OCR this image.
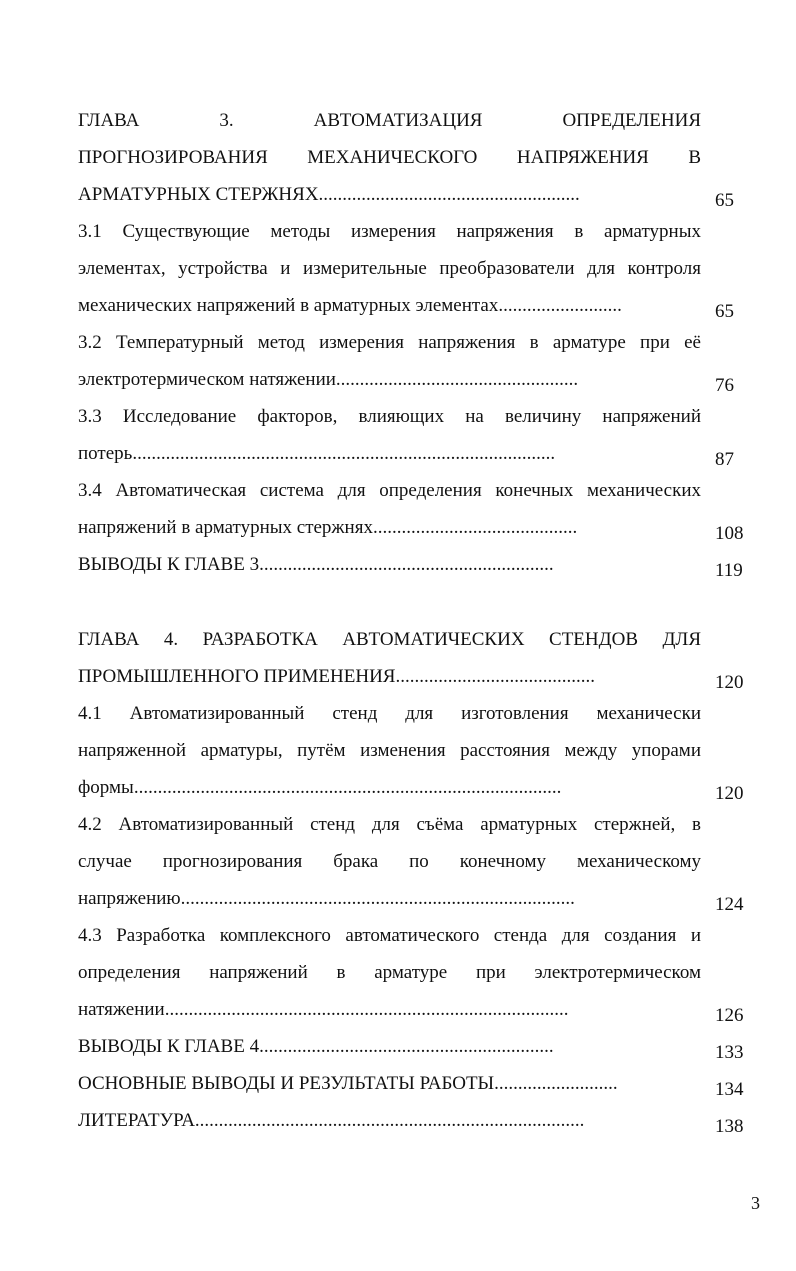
ГЛАВА 3. АВТОМАТИЗАЦИЯ ОПРЕДЕЛЕНИЯ
ПРОГНОЗИРОВАНИЯ МЕХАНИЧЕСКОГО НАПРЯЖЕНИЯ В
АРМАТУРНЫХ СТЕРЖНЯХ.......................................................	65
3.1 Существующие методы измерения напряжения в арматурных
элементах, устройства и измерительные преобразователи для контроля
механических напряжений в арматурных элементах..........................	65
3.2 Температурный метод измерения напряжения в арматуре при её
электротермическом натяжении...................................................	76
3.3 Исследование факторов, влияющих на величину напряжений
потерь.........................................................................................	87
3.4 Автоматическая система для определения конечных механических
напряжений в арматурных стержнях...........................................	108
ВЫВОДЫ К ГЛАВЕ 3..............................................................	119
ГЛАВА 4. РАЗРАБОТКА АВТОМАТИЧЕСКИХ СТЕНДОВ ДЛЯ
ПРОМЫШЛЕННОГО ПРИМЕНЕНИЯ..........................................	120
4.1 Автоматизированный стенд для изготовления механически
напряженной арматуры, путём изменения расстояния между упорами
формы..........................................................................................	120
4.2 Автоматизированный стенд для съёма арматурных стержней, в
случае прогнозирования брака по конечному механическому
напряжению...................................................................................	124
4.3 Разработка комплексного автоматического стенда для создания и
определения напряжений в арматуре при электротермическом
натяжении.....................................................................................	126
ВЫВОДЫ К ГЛАВЕ 4..............................................................	133
ОСНОВНЫЕ ВЫВОДЫ И РЕЗУЛЬТАТЫ РАБОТЫ..........................	134
ЛИТЕРАТУРА..................................................................................	138
3
